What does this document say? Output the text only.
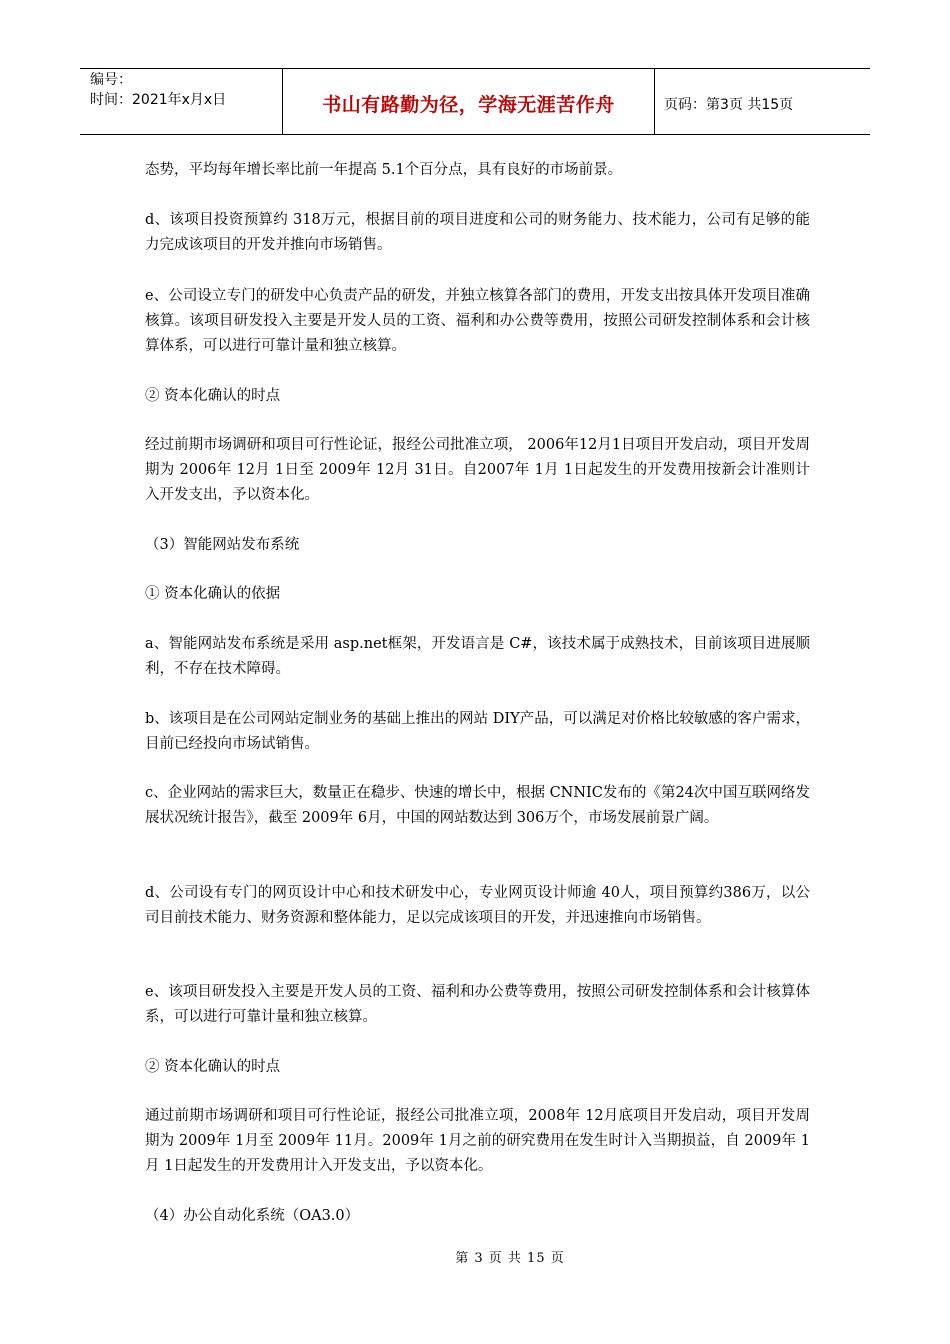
编号：
时间：2021年x月x日	书山有路勤为径，学海无涯苦作舟	页码：第3页 共15页
态势，平均每年增长率比前一年提高 5.1个百分点，具有良好的市场前景。
d、该项目投资预算约 318万元，根据目前的项目进度和公司的财务能力、技术能力，公司有足够的能力完成该项目的开发并推向市场销售。
e、公司设立专门的研发中心负责产品的研发，并独立核算各部门的费用，开发支出按具体开发项目准确核算。该项目研发投入主要是开发人员的工资、福利和办公费等费用，按照公司研发控制体系和会计核算体系，可以进行可靠计量和独立核算。
② 资本化确认的时点
经过前期市场调研和项目可行性论证，报经公司批准立项， 2006年12月1日项目开发启动，项目开发周期为 2006年 12月 1日至 2009年 12月 31日。自2007年 1月 1日起发生的开发费用按新会计准则计入开发支出，予以资本化。
（3）智能网站发布系统
① 资本化确认的依据
a、智能网站发布系统是采用 asp.net框架，开发语言是 C#，该技术属于成熟技术，目前该项目进展顺利，不存在技术障碍。
b、该项目是在公司网站定制业务的基础上推出的网站 DIY产品，可以满足对价格比较敏感的客户需求，目前已经投向市场试销售。
c、企业网站的需求巨大，数量正在稳步、快速的增长中，根据 CNNIC发布的《第24次中国互联网络发展状况统计报告》，截至 2009年 6月，中国的网站数达到 306万个，市场发展前景广阔。
d、公司设有专门的网页设计中心和技术研发中心，专业网页设计师逾 40人，项目预算约386万，以公司目前技术能力、财务资源和整体能力，足以完成该项目的开发，并迅速推向市场销售。
e、该项目研发投入主要是开发人员的工资、福利和办公费等费用，按照公司研发控制体系和会计核算体系，可以进行可靠计量和独立核算。
② 资本化确认的时点
通过前期市场调研和项目可行性论证，报经公司批准立项，2008年 12月底项目开发启动，项目开发周期为 2009年 1月至 2009年 11月。2009年 1月之前的研究费用在发生时计入当期损益，自 2009年 1月 1日起发生的开发费用计入开发支出，予以资本化。
（4）办公自动化系统（OA3.0）
第 3 页 共 15 页
